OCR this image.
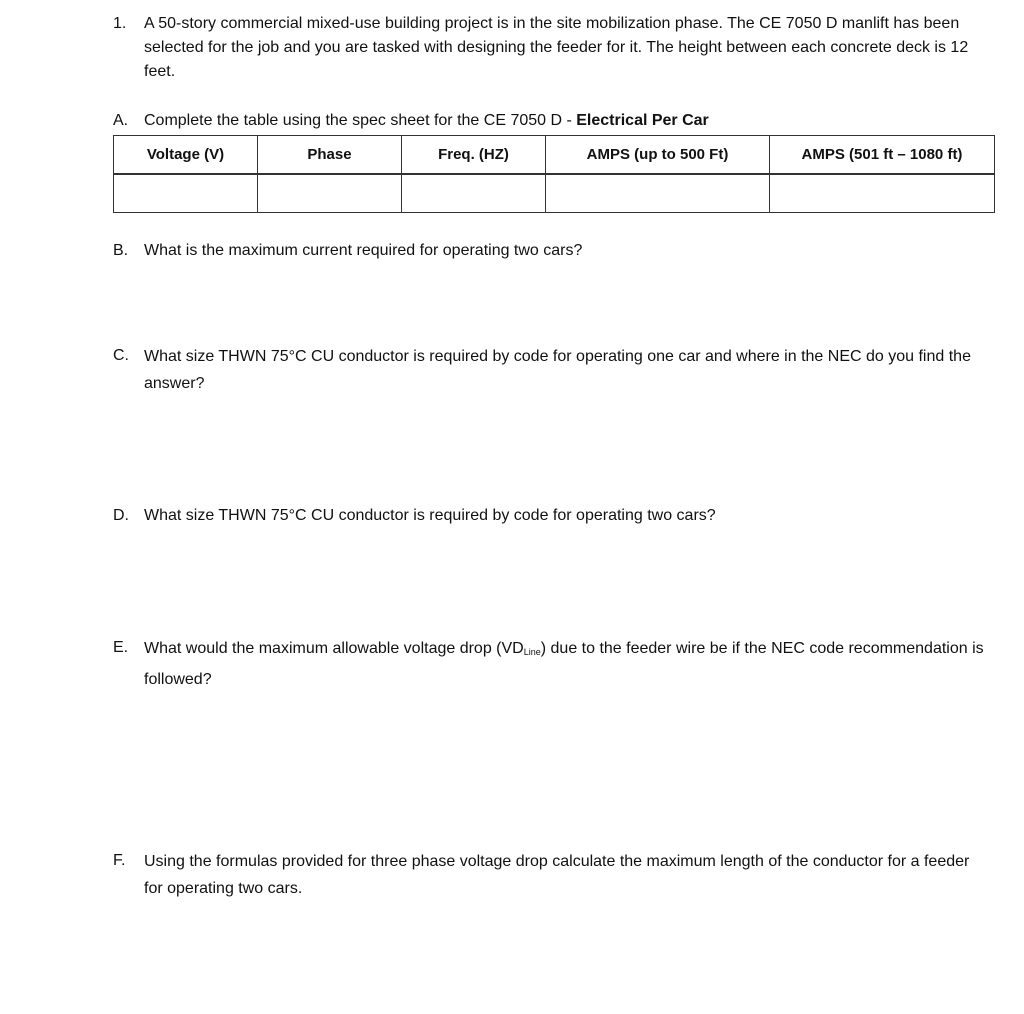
1. A 50-story commercial mixed-use building project is in the site mobilization phase. The CE 7050 D manlift has been selected for the job and you are tasked with designing the feeder for it. The height between each concrete deck is 12 feet.
A. Complete the table using the spec sheet for the CE 7050 D - Electrical Per Car
Voltage (V)	Phase	Freq. (HZ)	AMPS (up to 500 Ft)	AMPS (501 ft – 1080 ft)

B. What is the maximum current required for operating two cars?
C. What size THWN 75°C CU conductor is required by code for operating one car and where in the NEC do you find the answer?
D. What size THWN 75°C CU conductor is required by code for operating two cars?
E. What would the maximum allowable voltage drop $(VD_{Line})$ due to the feeder wire be if the NEC code recommendation is followed?
F. Using the formulas provided for three phase voltage drop calculate the maximum length of the conductor for a feeder for operating two cars.
